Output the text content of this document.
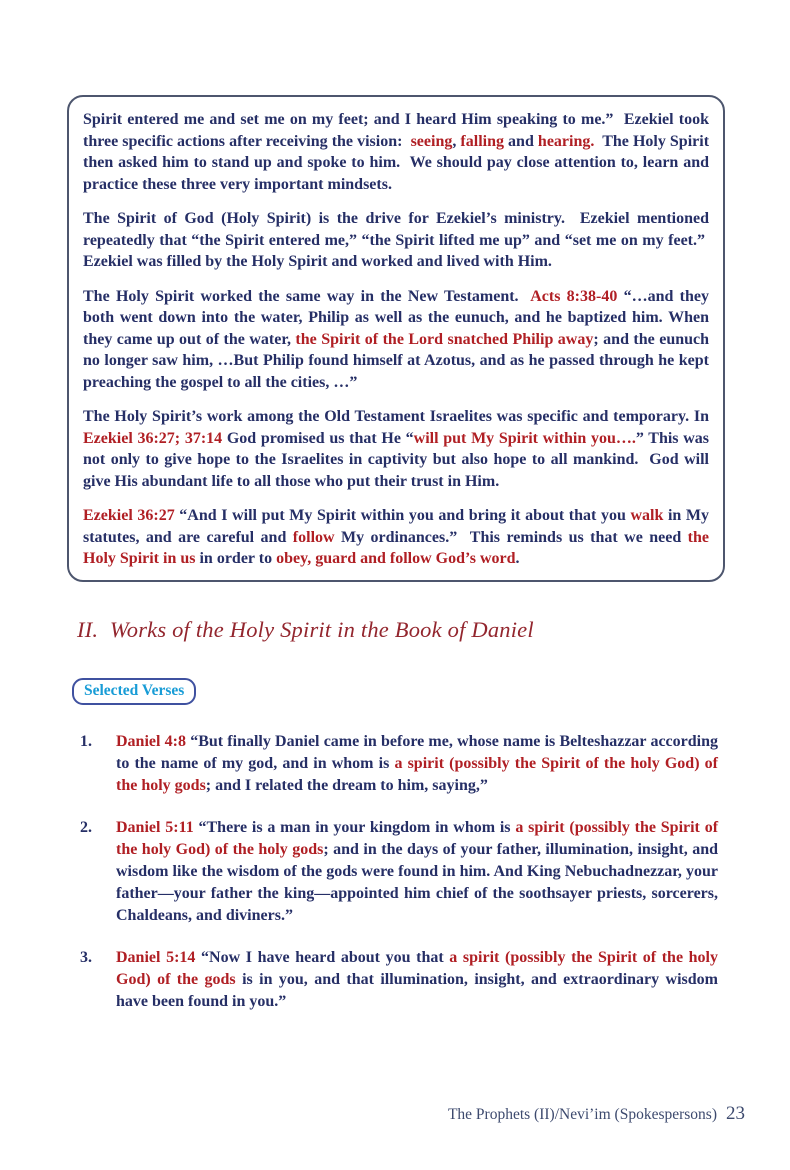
Spirit entered me and set me on my feet; and I heard Him speaking to me.”  Ezekiel took three specific actions after receiving the vision:  seeing, falling and hearing.  The Holy Spirit then asked him to stand up and spoke to him.  We should pay close attention to, learn and practice these three very important mindsets.

The Spirit of God (Holy Spirit) is the drive for Ezekiel’s ministry.  Ezekiel mentioned repeatedly that “the Spirit entered me,” “the Spirit lifted me up” and “set me on my feet.”  Ezekiel was filled by the Holy Spirit and worked and lived with Him.

The Holy Spirit worked the same way in the New Testament.  Acts 8:38-40 “…and they both went down into the water, Philip as well as the eunuch, and he baptized him. When they came up out of the water, the Spirit of the Lord snatched Philip away; and the eunuch no longer saw him, …But Philip found himself at Azotus, and as he passed through he kept preaching the gospel to all the cities, …”

The Holy Spirit’s work among the Old Testament Israelites was specific and temporary. In Ezekiel 36:27; 37:14 God promised us that He “will put My Spirit within you….” This was not only to give hope to the Israelites in captivity but also hope to all mankind.  God will give His abundant life to all those who put their trust in Him.

Ezekiel 36:27 “And I will put My Spirit within you and bring it about that you walk in My statutes, and are careful and follow My ordinances.”  This reminds us that we need the Holy Spirit in us in order to obey, guard and follow God’s word.

II.  Works of the Holy Spirit in the Book of Daniel
Selected Verses
1.	Daniel 4:8 “But finally Daniel came in before me, whose name is Belteshazzar according to the name of my god, and in whom is a spirit (possibly the Spirit of the holy God) of the holy gods; and I related the dream to him, saying,”
2.	Daniel 5:11 “There is a man in your kingdom in whom is a spirit (possibly the Spirit of the holy God) of the holy gods; and in the days of your father, illumination, insight, and wisdom like the wisdom of the gods were found in him. And King Nebuchadnezzar, your father—your father the king—appointed him chief of the soothsayer priests, sorcerers, Chaldeans, and diviners.”
3.	Daniel 5:14 “Now I have heard about you that a spirit (possibly the Spirit of the holy God) of the gods is in you, and that illumination, insight, and extraordinary wisdom have been found in you.”
The Prophets (II)/Nevi’im (Spokespersons) 23
